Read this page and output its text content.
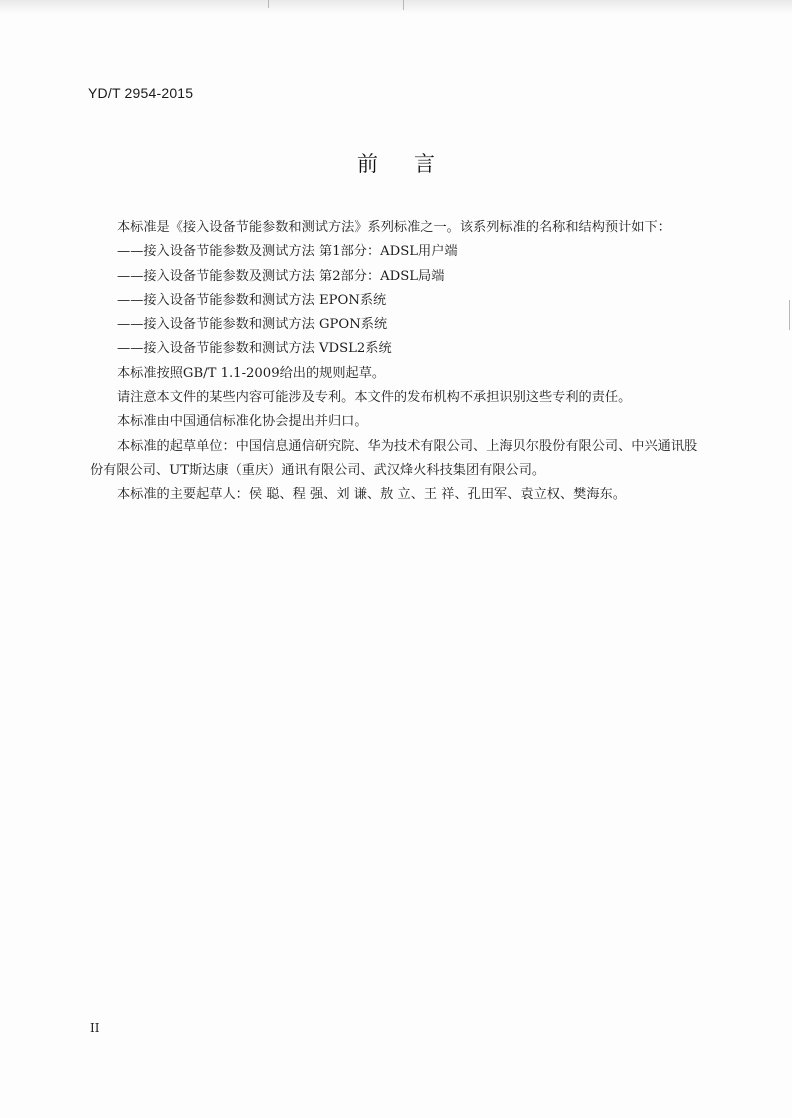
YD/T 2954-2015
前言

本标准是《接入设备节能参数和测试方法》系列标准之一。该系列标准的名称和结构预计如下：

——接入设备节能参数及测试方法 第1部分：ADSL用户端

——接入设备节能参数及测试方法 第2部分：ADSL局端

——接入设备节能参数和测试方法 EPON系统

——接入设备节能参数和测试方法 GPON系统

——接入设备节能参数和测试方法 VDSL2系统

本标准按照GB/T 1.1-2009给出的规则起草。

请注意本文件的某些内容可能涉及专利。本文件的发布机构不承担识别这些专利的责任。

本标准由中国通信标准化协会提出并归口。

本标准的起草单位：中国信息通信研究院、华为技术有限公司、上海贝尔股份有限公司、中兴通讯股份有限公司、UT斯达康（重庆）通讯有限公司、武汉烽火科技集团有限公司。

本标准的主要起草人：侯 聪、程 强、刘 谦、敖 立、王 祥、孔田军、袁立权、樊海东。

II
